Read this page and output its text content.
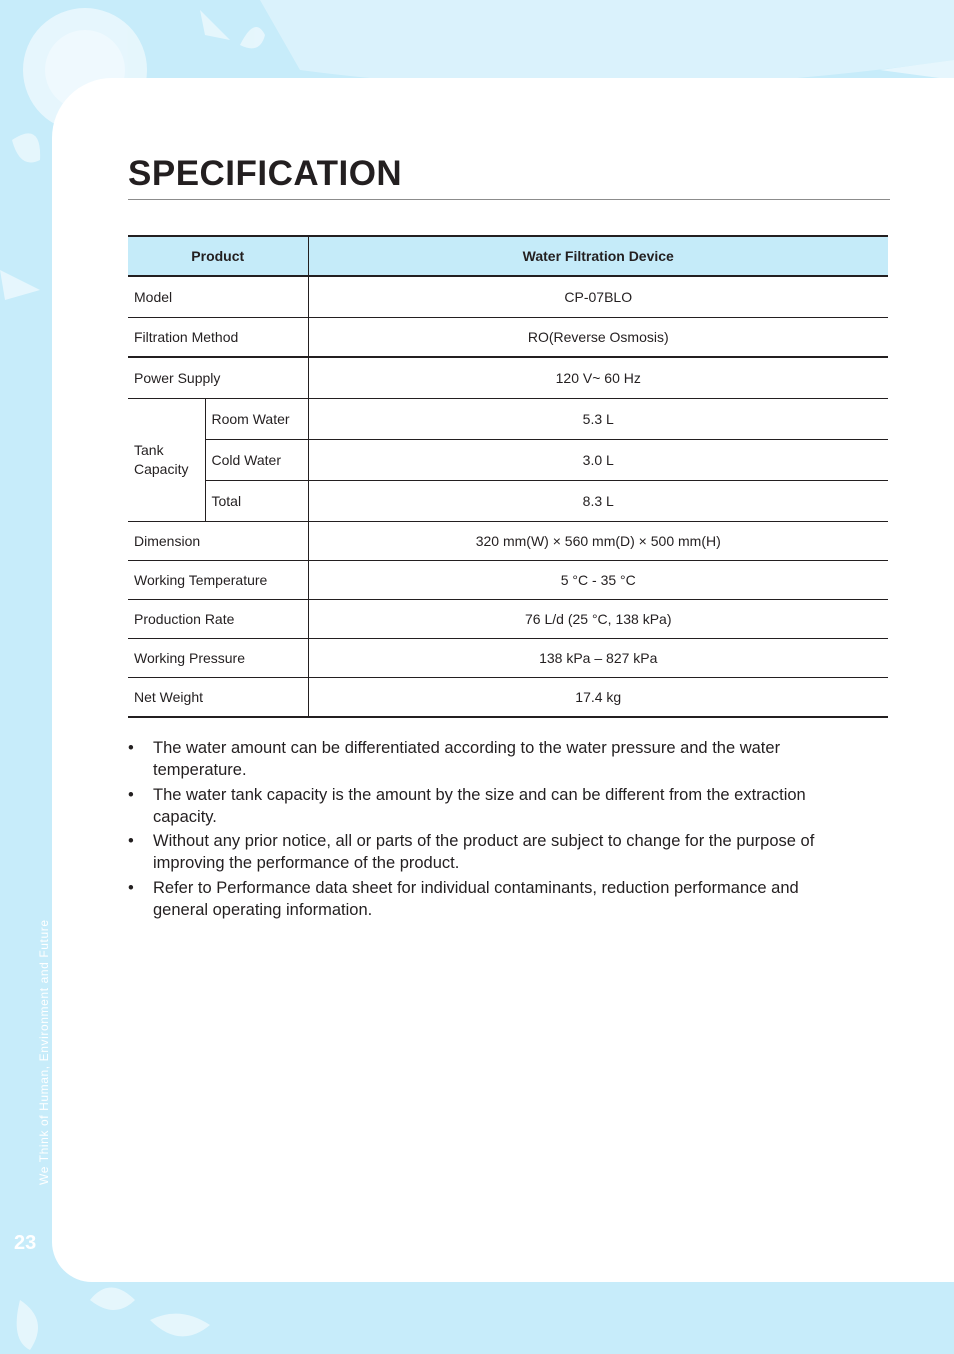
SPECIFICATION
Product		Water Filtration Device
Model		CP-07BLO
Filtration Method		RO(Reverse Osmosis)
Power Supply		120 V~ 60 Hz
Tank Capacity	Room Water	5.3 L
	Cold Water	3.0 L
	Total	8.3 L
Dimension		320 mm(W) × 560 mm(D) × 500 mm(H)
Working Temperature		5 °C - 35 °C
Production Rate		76 L/d (25 °C, 138 kPa)
Working Pressure		138 kPa – 827 kPa
Net Weight		17.4 kg
• The water amount can be differentiated according to the water pressure and the water temperature.
• The water tank capacity is the amount by the size and can be different from the extraction capacity.
• Without any prior notice, all or parts of the product are subject to change for the purpose of improving the performance of the product.
• Refer to Performance data sheet for individual contaminants, reduction performance and general operating information.
We Think of Human, Environment and Future
23
